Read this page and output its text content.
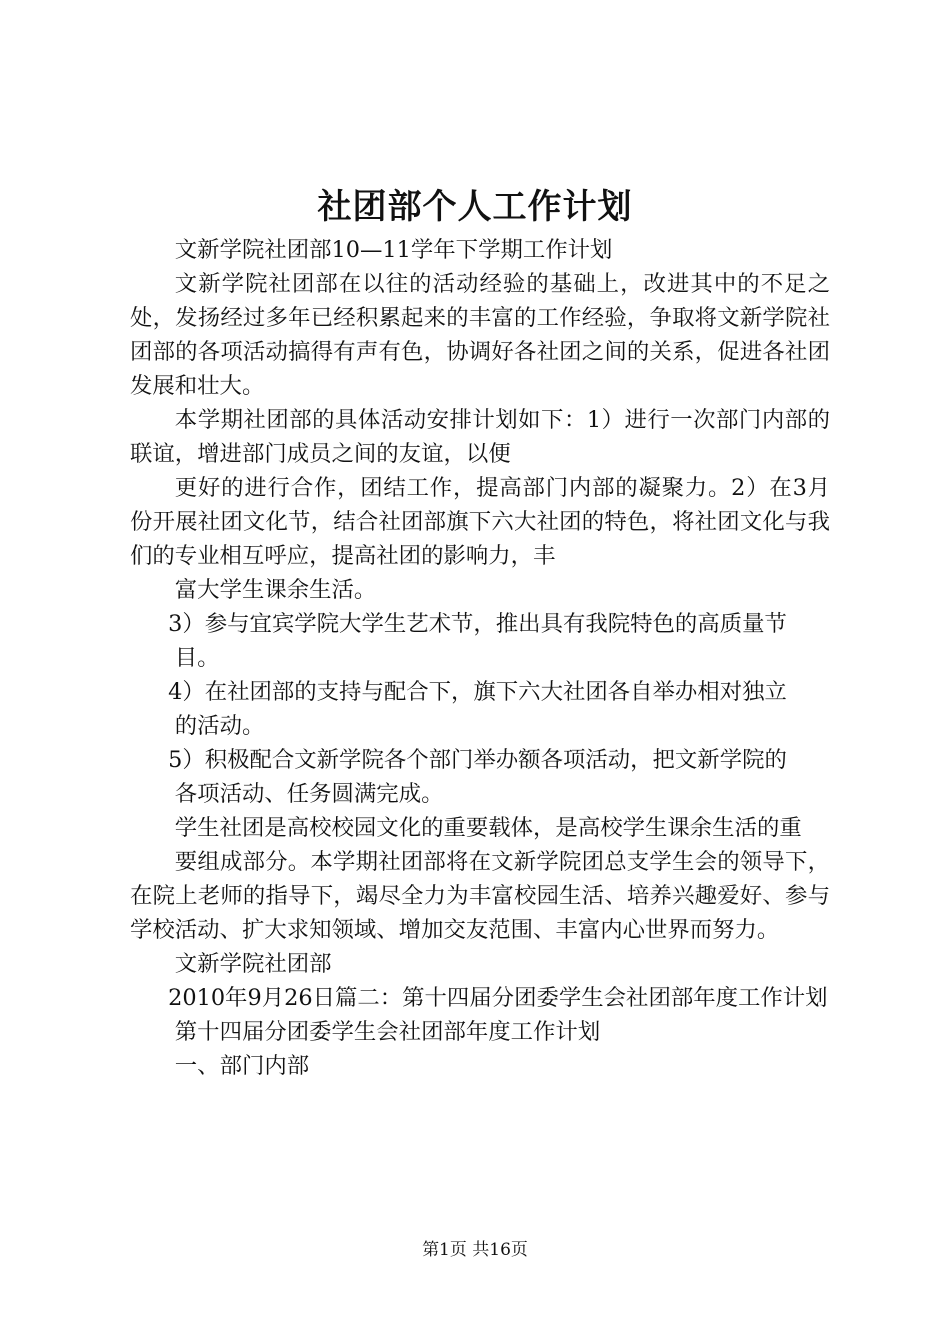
社团部个人工作计划

文新学院社团部10—11学年下学期工作计划

文新学院社团部在以往的活动经验的基础上，改进其中的不足之处，发扬经过多年已经积累起来的丰富的工作经验，争取将文新学院社团部的各项活动搞得有声有色，协调好各社团之间的关系，促进各社团发展和壮大。

本学期社团部的具体活动安排计划如下：1）进行一次部门内部的联谊，增进部门成员之间的友谊，以便

更好的进行合作，团结工作，提高部门内部的凝聚力。2）在3月份开展社团文化节，结合社团部旗下六大社团的特色，将社团文化与我们的专业相互呼应，提高社团的影响力，丰

富大学生课余生活。

3）参与宜宾学院大学生艺术节，推出具有我院特色的高质量节

目。

4）在社团部的支持与配合下，旗下六大社团各自举办相对独立

的活动。

5）积极配合文新学院各个部门举办额各项活动，把文新学院的

各项活动、任务圆满完成。

学生社团是高校校园文化的重要载体，是高校学生课余生活的重

要组成部分。本学期社团部将在文新学院团总支学生会的领导下，在院上老师的指导下，竭尽全力为丰富校园生活、培养兴趣爱好、参与学校活动、扩大求知领域、增加交友范围、丰富内心世界而努力。

文新学院社团部

2010年9月26日篇二：第十四届分团委学生会社团部年度工作计划

第十四届分团委学生会社团部年度工作计划

一、部门内部

第1页 共16页
